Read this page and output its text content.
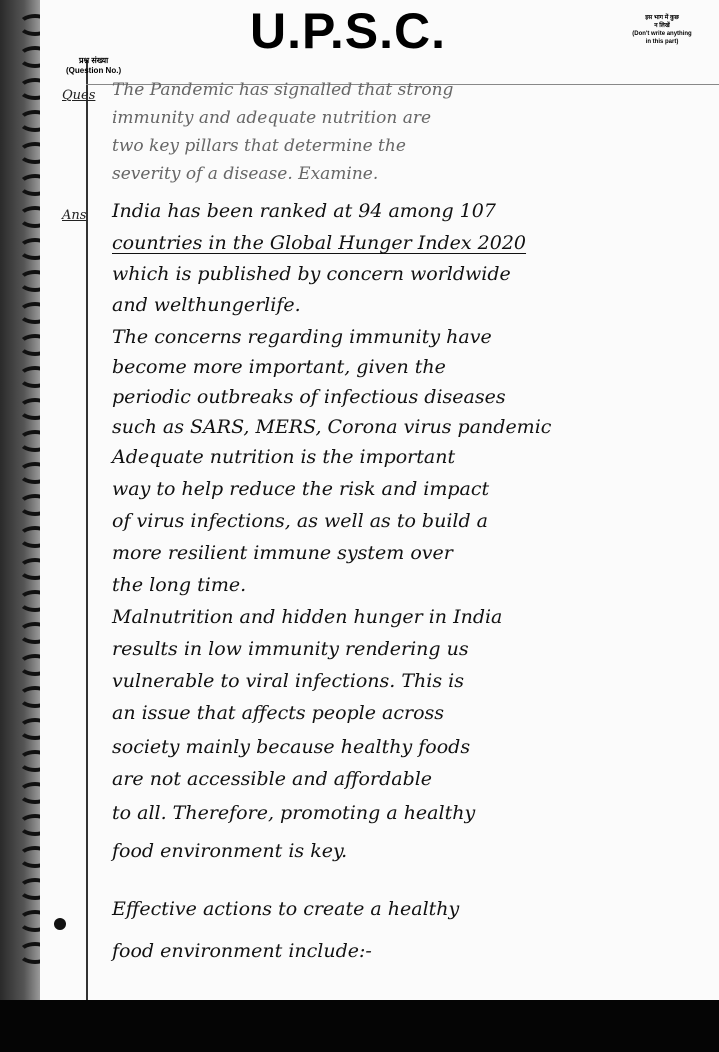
U.P.S.C.
प्रश्न संख्या
(Question No.)
इस भाग में कुछ
न लिखें
(Don't write anything
in this part)
Ques The Pandemic has signalled that strong
immunity and adequate nutrition are
two key pillars that determine the
severity of a disease. Examine.
Ans India has been ranked at 94 among 107
countries in the Global Hunger Index 2020
which is published by concern worldwide
and welthungerlife.
The concerns regarding immunity have
become more important, given the
periodic outbreaks of infectious diseases
such as SARS, MERS, Corona virus pandemic
Adequate nutrition is the important
way to help reduce the risk and impact
of virus infections, as well as to build a
more resilient immune system over
the long time.
Malnutrition and hidden hunger in India
results in low immunity rendering us
vulnerable to viral infections. This is
an issue that affects people across
society mainly because healthy foods
are not accessible and affordable
to all. Therefore, promoting a healthy
food environment is key.
Effective actions to create a healthy
food environment include:-
